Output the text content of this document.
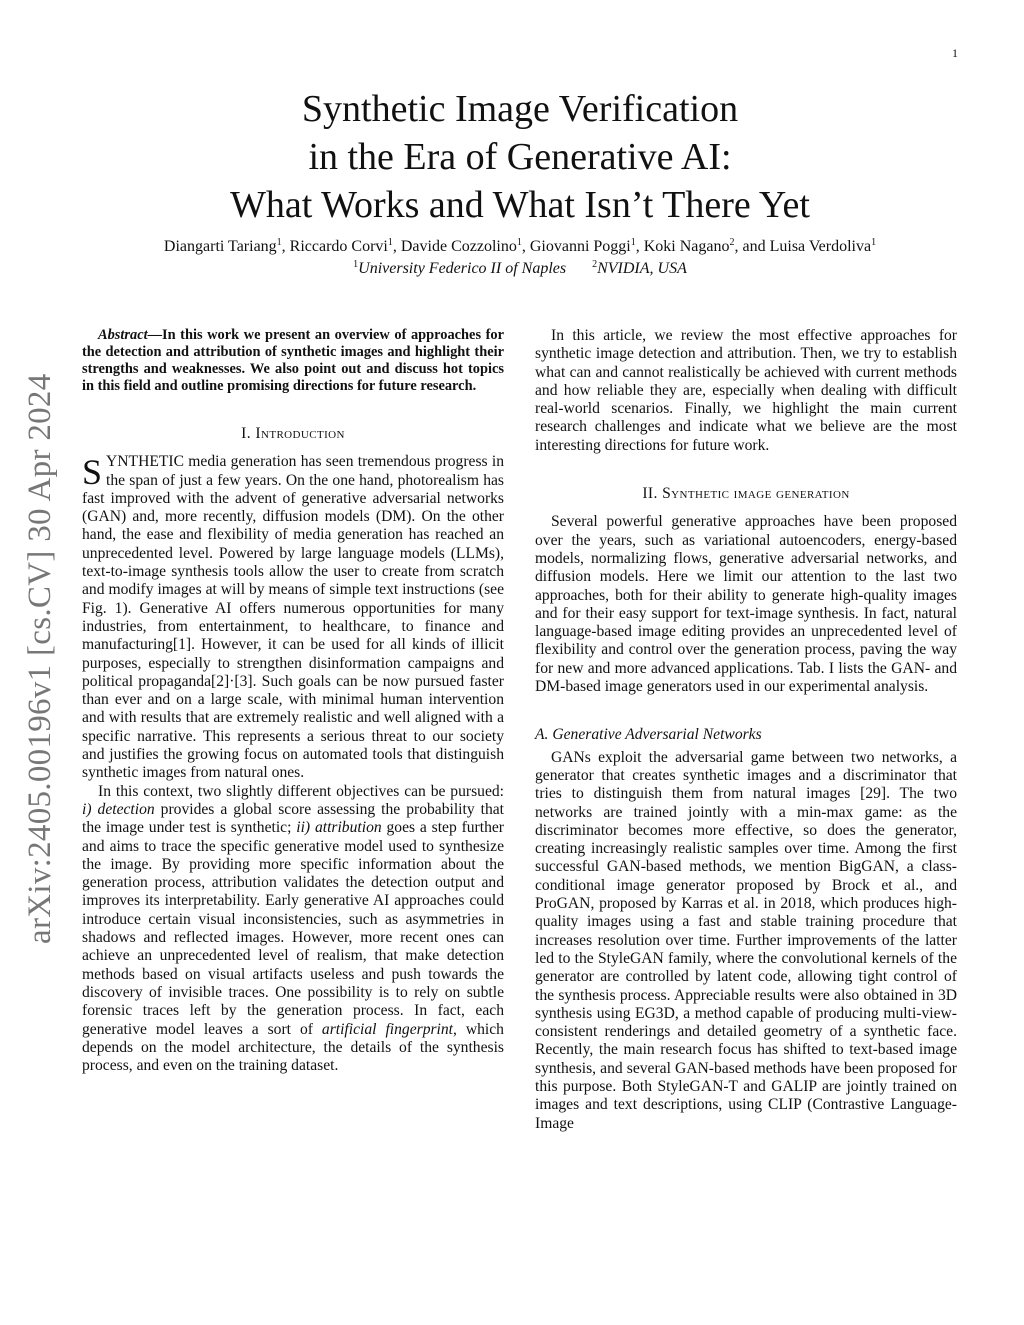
1
arXiv:2405.00196v1 [cs.CV] 30 Apr 2024
Synthetic Image Verification
in the Era of Generative AI:
What Works and What Isn’t There Yet
Diangarti Tariang$^1$, Riccardo Corvi$^1$, Davide Cozzolino$^1$, Giovanni Poggi$^1$, Koki Nagano$^2$, and Luisa Verdoliva$^1$
$^1$University Federico II of Naples	$^2$NVIDIA, USA

Abstract—In this work we present an overview of approaches for the detection and attribution of synthetic images and highlight their strengths and weaknesses. We also point out and discuss hot topics in this field and outline promising directions for future research.

I. Introduction

SYNTHETIC media generation has seen tremendous progress in the span of just a few years. On the one hand, photorealism has fast improved with the advent of generative adversarial networks (GAN) and, more recently, diffusion models (DM). On the other hand, the ease and flexibility of media generation has reached an unprecedented level. Powered by large language models (LLMs), text-to-image synthesis tools allow the user to create from scratch and modify images at will by means of simple text instructions (see Fig. 1). Generative AI offers numerous opportunities for many industries, from entertainment, to healthcare, to finance and manufacturing[1]. However, it can be used for all kinds of illicit purposes, especially to strengthen disinformation campaigns and political propaganda[2]·[3]. Such goals can be now pursued faster than ever and on a large scale, with minimal human intervention and with results that are extremely realistic and well aligned with a specific narrative. This represents a serious threat to our society and justifies the growing focus on automated tools that distinguish synthetic images from natural ones.

In this context, two slightly different objectives can be pursued: i) detection provides a global score assessing the probability that the image under test is synthetic; ii) attribution goes a step further and aims to trace the specific generative model used to synthesize the image. By providing more specific information about the generation process, attribution validates the detection output and improves its interpretability. Early generative AI approaches could introduce certain visual inconsistencies, such as asymmetries in shadows and reflected images. However, more recent ones can achieve an unprecedented level of realism, that make detection methods based on visual artifacts useless and push towards the discovery of invisible traces. One possibility is to rely on subtle forensic traces left by the generation process. In fact, each generative model leaves a sort of artificial fingerprint, which depends on the model architecture, the details of the synthesis process, and even on the training dataset.

In this article, we review the most effective approaches for synthetic image detection and attribution. Then, we try to establish what can and cannot realistically be achieved with current methods and how reliable they are, especially when dealing with difficult real-world scenarios. Finally, we highlight the main current research challenges and indicate what we believe are the most interesting directions for future work.

II. Synthetic image generation

Several powerful generative approaches have been proposed over the years, such as variational autoencoders, energy-based models, normalizing flows, generative adversarial networks, and diffusion models. Here we limit our attention to the last two approaches, both for their ability to generate high-quality images and for their easy support for text-image synthesis. In fact, natural language-based image editing provides an unprecedented level of flexibility and control over the generation process, paving the way for new and more advanced applications. Tab. I lists the GAN- and DM-based image generators used in our experimental analysis.

A. Generative Adversarial Networks

GANs exploit the adversarial game between two networks, a generator that creates synthetic images and a discriminator that tries to distinguish them from natural images [29]. The two networks are trained jointly with a min-max game: as the discriminator becomes more effective, so does the generator, creating increasingly realistic samples over time. Among the first successful GAN-based methods, we mention BigGAN, a class-conditional image generator proposed by Brock et al., and ProGAN, proposed by Karras et al. in 2018, which produces high-quality images using a fast and stable training procedure that increases resolution over time. Further improvements of the latter led to the StyleGAN family, where the convolutional kernels of the generator are controlled by latent code, allowing tight control of the synthesis process. Appreciable results were also obtained in 3D synthesis using EG3D, a method capable of producing multi-view-consistent renderings and detailed geometry of a synthetic face. Recently, the main research focus has shifted to text-based image synthesis, and several GAN-based methods have been proposed for this purpose. Both StyleGAN-T and GALIP are jointly trained on images and text descriptions, using CLIP (Contrastive Language-Image
